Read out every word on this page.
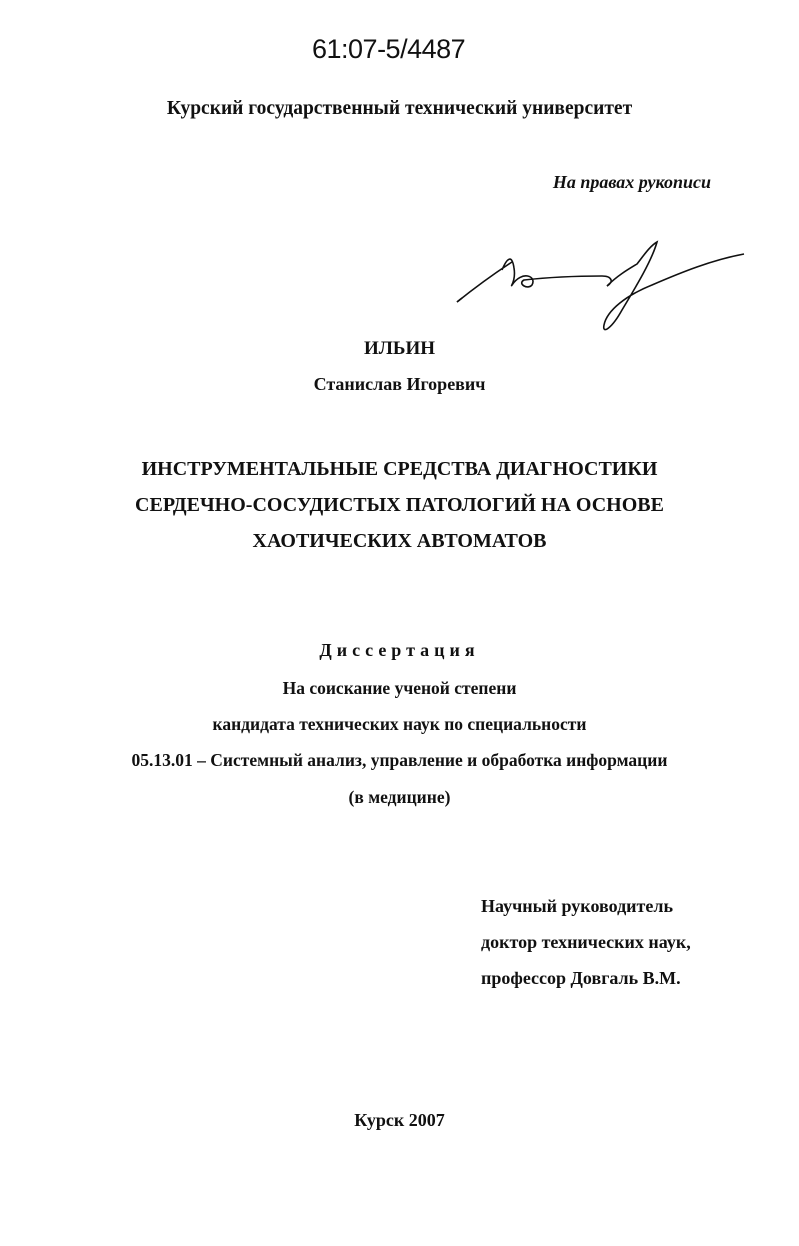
61:07-5/4487
Курский государственный технический университет
На правах рукописи
ИЛЬИН
Станислав Игоревич
ИНСТРУМЕНТАЛЬНЫЕ СРЕДСТВА ДИАГНОСТИКИ
СЕРДЕЧНО-СОСУДИСТЫХ ПАТОЛОГИЙ НА ОСНОВЕ
ХАОТИЧЕСКИХ АВТОМАТОВ
Диссертация
На соискание ученой степени
кандидата технических наук по специальности
05.13.01 – Системный анализ, управление и обработка информации
(в медицине)
Научный руководитель
доктор технических наук,
профессор Довгаль В.М.
Курск 2007
